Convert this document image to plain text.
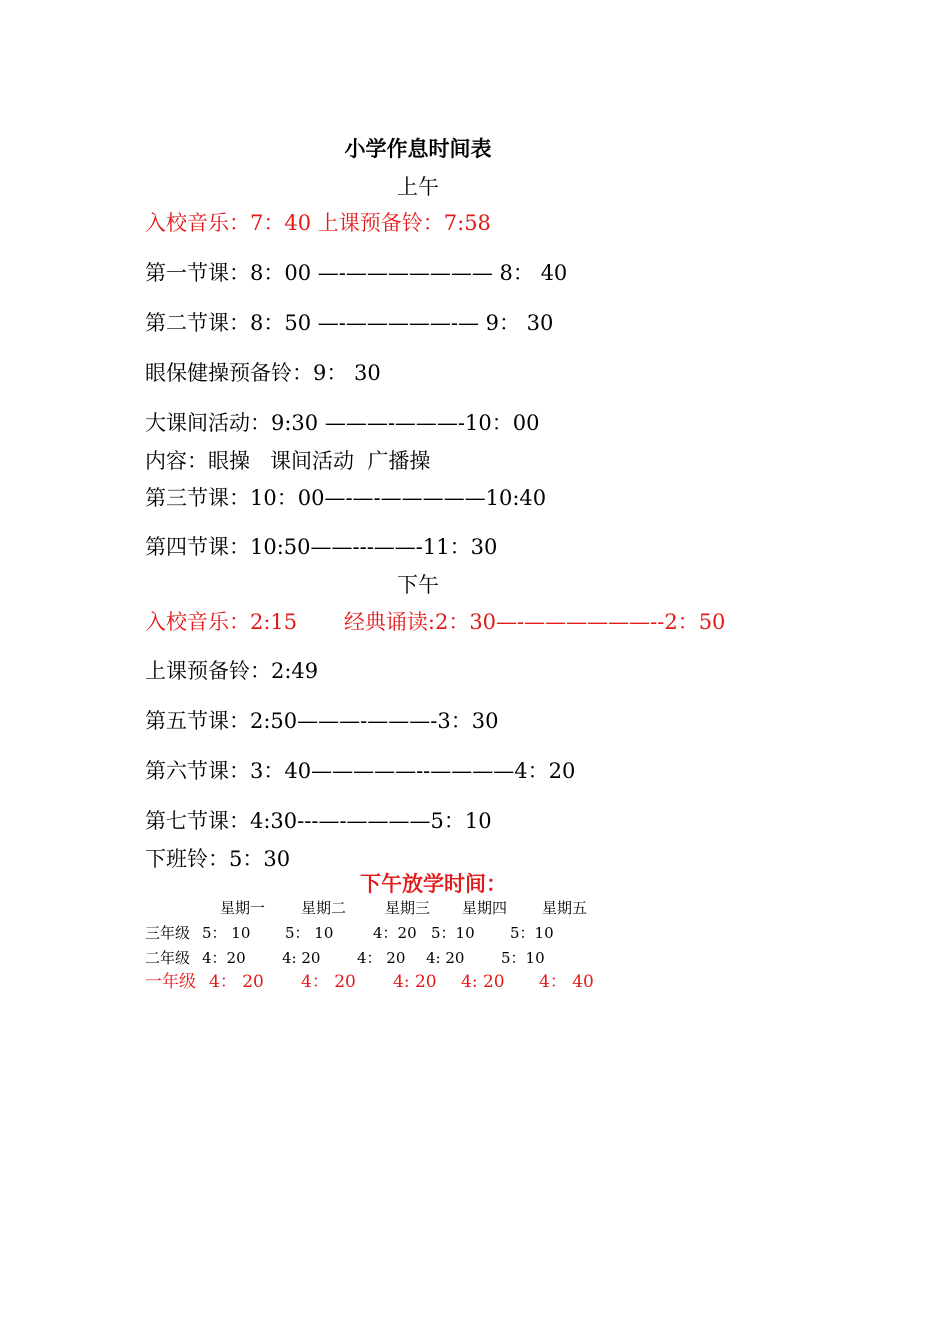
小学作息时间表
上午
入校音乐：7：40 上课预备铃：7:58
第一节课：8：00 —-——————— 8： 40
第二节课：8：50 —-—————-— 9： 30
眼保健操预备铃：9： 30
大课间活动：9:30 ———-———-10：00
内容：眼操   课间活动  广播操
第三节课：10：00—-—-—————10:40
第四节课：10:50——---——-11：30
下午
入校音乐：2:15       经典诵读:2：30—-——————--2：50
上课预备铃：2:49
第五节课：2:50———-———-3：30
第六节课：3：40—————--————4：20
第七节课：4:30---—-————5：10
下班铃：5：30
下午放学时间：
星期一 星期二	星期三 星期四 星期五
三年级 5： 10 5： 10	4：20 5：10 5：10
二年级 4：20 4: 20 4： 20 4: 20 5：10
一年级 4： 20 4： 20 4: 20 4: 20 4： 40
